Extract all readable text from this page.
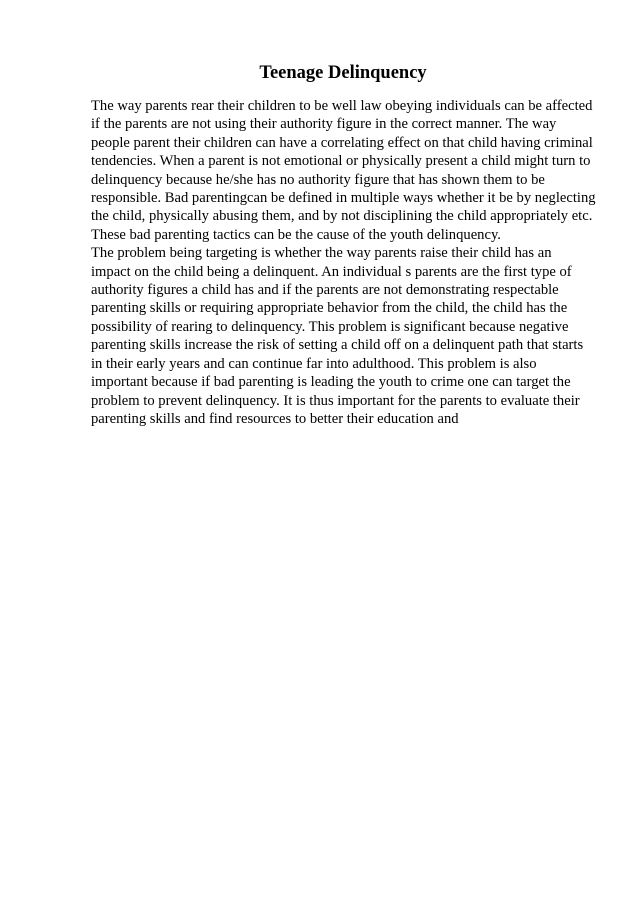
Teenage Delinquency
The way parents rear their children to be well law obeying individuals can be affected
if the parents are not using their authority figure in the correct manner. The way
people parent their children can have a correlating effect on that child having criminal
tendencies. When a parent is not emotional or physically present a child might turn to
delinquency because he/she has no authority figure that has shown them to be
responsible. Bad parentingcan be defined in multiple ways whether it be by neglecting
the child, physically abusing them, and by not disciplining the child appropriately etc.
These bad parenting tactics can be the cause of the youth delinquency.
The problem being targeting is whether the way parents raise their child has an
impact on the child being a delinquent. An individual s parents are the first type of
authority figures a child has and if the parents are not demonstrating respectable
parenting skills or requiring appropriate behavior from the child, the child has the
possibility of rearing to delinquency. This problem is significant because negative
parenting skills increase the risk of setting a child off on a delinquent path that starts
in their early years and can continue far into adulthood. This problem is also
important because if bad parenting is leading the youth to crime one can target the
problem to prevent delinquency. It is thus important for the parents to evaluate their
parenting skills and find resources to better their education and
